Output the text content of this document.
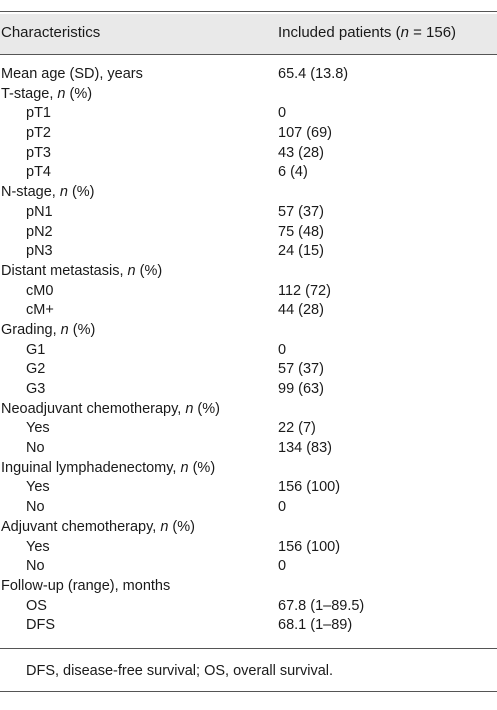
Characteristics	Included patients (n = 156)
Mean age (SD), years	65.4 (13.8)
T-stage, n (%)
pT1	0
pT2	107 (69)
pT3	43 (28)
pT4	6 (4)
N-stage, n (%)
pN1	57 (37)
pN2	75 (48)
pN3	24 (15)
Distant metastasis, n (%)
cM0	112 (72)
cM+	44 (28)
Grading, n (%)
G1	0
G2	57 (37)
G3	99 (63)
Neoadjuvant chemotherapy, n (%)
Yes	22 (7)
No	134 (83)
Inguinal lymphadenectomy, n (%)
Yes	156 (100)
No	0
Adjuvant chemotherapy, n (%)
Yes	156 (100)
No	0
Follow-up (range), months
OS	67.8 (1–89.5)
DFS	68.1 (1–89)
DFS, disease-free survival; OS, overall survival.
